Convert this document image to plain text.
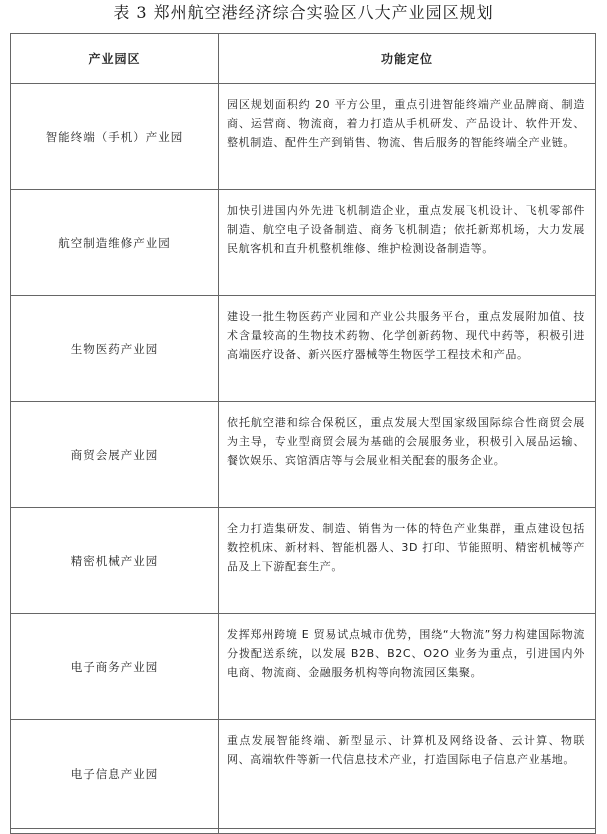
表 3 郑州航空港经济综合实验区八大产业园区规划
产业园区	功能定位
智能终端（手机）产业园	园区规划面积约 20 平方公里，重点引进智能终端产业品牌商、制造商、运营商、物流商，着力打造从手机研发、产品设计、软件开发、整机制造、配件生产到销售、物流、售后服务的智能终端全产业链。
航空制造维修产业园	加快引进国内外先进飞机制造企业，重点发展飞机设计、飞机零部件制造、航空电子设备制造、商务飞机制造；依托新郑机场，大力发展民航客机和直升机整机维修、维护检测设备制造等。
生物医药产业园	建设一批生物医药产业园和产业公共服务平台，重点发展附加值、技术含量较高的生物技术药物、化学创新药物、现代中药等，积极引进高端医疗设备、新兴医疗器械等生物医学工程技术和产品。
商贸会展产业园	依托航空港和综合保税区，重点发展大型国家级国际综合性商贸会展为主导，专业型商贸会展为基础的会展服务业，积极引入展品运输、餐饮娱乐、宾馆酒店等与会展业相关配套的服务企业。
精密机械产业园	全力打造集研发、制造、销售为一体的特色产业集群，重点建设包括数控机床、新材料、智能机器人、3D 打印、节能照明、精密机械等产品及上下游配套生产。
电子商务产业园	发挥郑州跨境 E 贸易试点城市优势，围绕“大物流”努力构建国际物流分拨配送系统，以发展 B2B、B2C、O2O 业务为重点，引进国内外电商、物流商、金融服务机构等向物流园区集聚。
电子信息产业园	重点发展智能终端、新型显示、计算机及网络设备、云计算、物联网、高端软件等新一代信息技术产业，打造国际电子信息产业基地。
